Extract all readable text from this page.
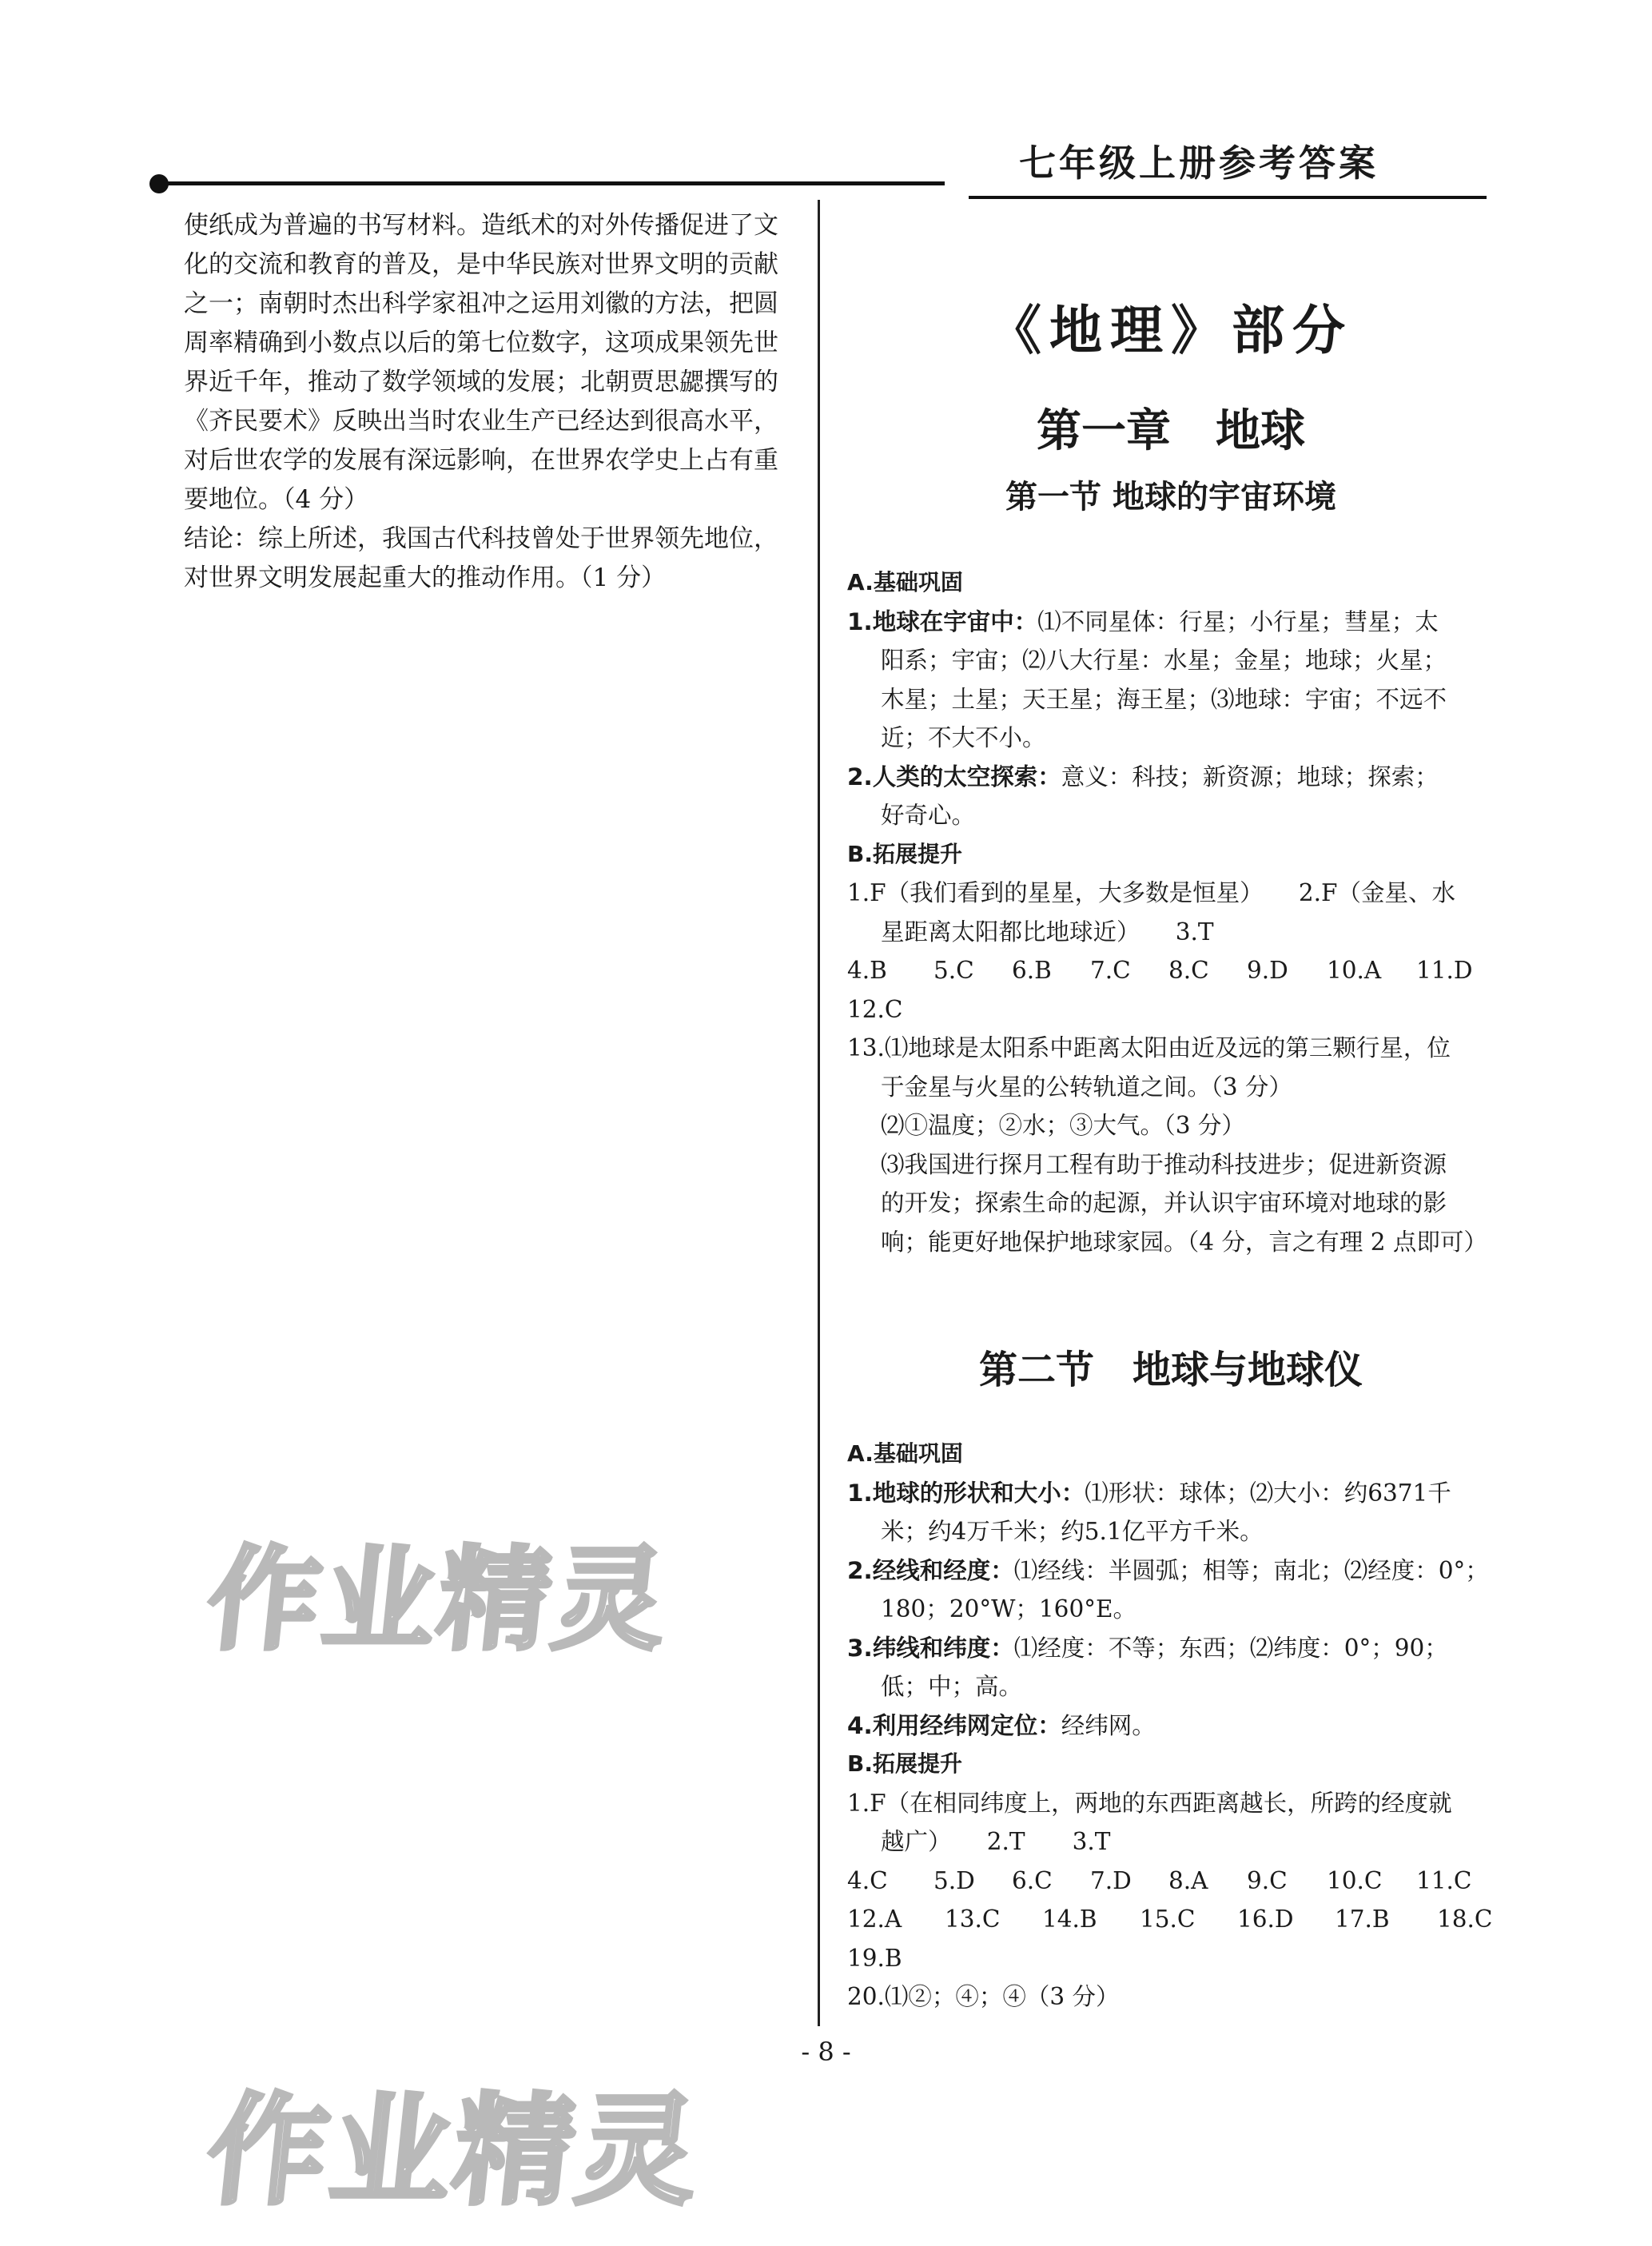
七年级上册参考答案

使纸成为普遍的书写材料。造纸术的对外传播促进了文

化的交流和教育的普及，是中华民族对世界文明的贡献

之一；南朝时杰出科学家祖冲之运用刘徽的方法，把圆

周率精确到小数点以后的第七位数字，这项成果领先世

界近千年，推动了数学领域的发展；北朝贾思勰撰写的

《齐民要术》反映出当时农业生产已经达到很高水平，

对后世农学的发展有深远影响，在世界农学史上占有重

要地位。（4 分）

结论：综上所述，我国古代科技曾处于世界领先地位，

对世界文明发展起重大的推动作用。（1 分）

《地理》部分
第一章　地球
第一节 地球的宇宙环境

A.基础巩固

1.地球在宇宙中：⑴不同星体：行星；小行星；彗星；太

阳系；宇宙；⑵八大行星：水星；金星；地球；火星；

木星；土星；天王星；海王星；⑶地球：宇宙；不远不

近；不大不小。

2.人类的太空探索：意义：科技；新资源；地球；探索；

好奇心。

B.拓展提升

1.F（我们看到的星星，大多数是恒星）　　2.F（金星、水

星距离太阳都比地球近）　　3.T

4.B	5.C	6.B	7.C	8.C	9.D	10.A	11.D

12.C

13.⑴地球是太阳系中距离太阳由近及远的第三颗行星，位

于金星与火星的公转轨道之间。（3 分）

⑵①温度；②水；③大气。（3 分）

⑶我国进行探月工程有助于推动科技进步；促进新资源

的开发；探索生命的起源，并认识宇宙环境对地球的影

响；能更好地保护地球家园。（4 分，言之有理 2 点即可）

第二节　地球与地球仪

A.基础巩固

1.地球的形状和大小：⑴形状：球体；⑵大小：约6371千

米；约4万千米；约5.1亿平方千米。

2.经线和经度：⑴经线：半圆弧；相等；南北；⑵经度：0°；

180；20°W；160°E。

3.纬线和纬度：⑴经度：不等；东西；⑵纬度：0°；90；

低；中；高。

4.利用经纬网定位：经纬网。

B.拓展提升

1.F（在相同纬度上，两地的东西距离越长，所跨的经度就

越广）　　2.T　　3.T

4.C	5.D	6.C	7.D	8.A	9.C	10.C	11.C
12.A	13.C	14.B	15.C	16.D	17.B	18.C

19.B

20.⑴②；④；④（3 分）

- 8 -
作业精灵
作业精灵
